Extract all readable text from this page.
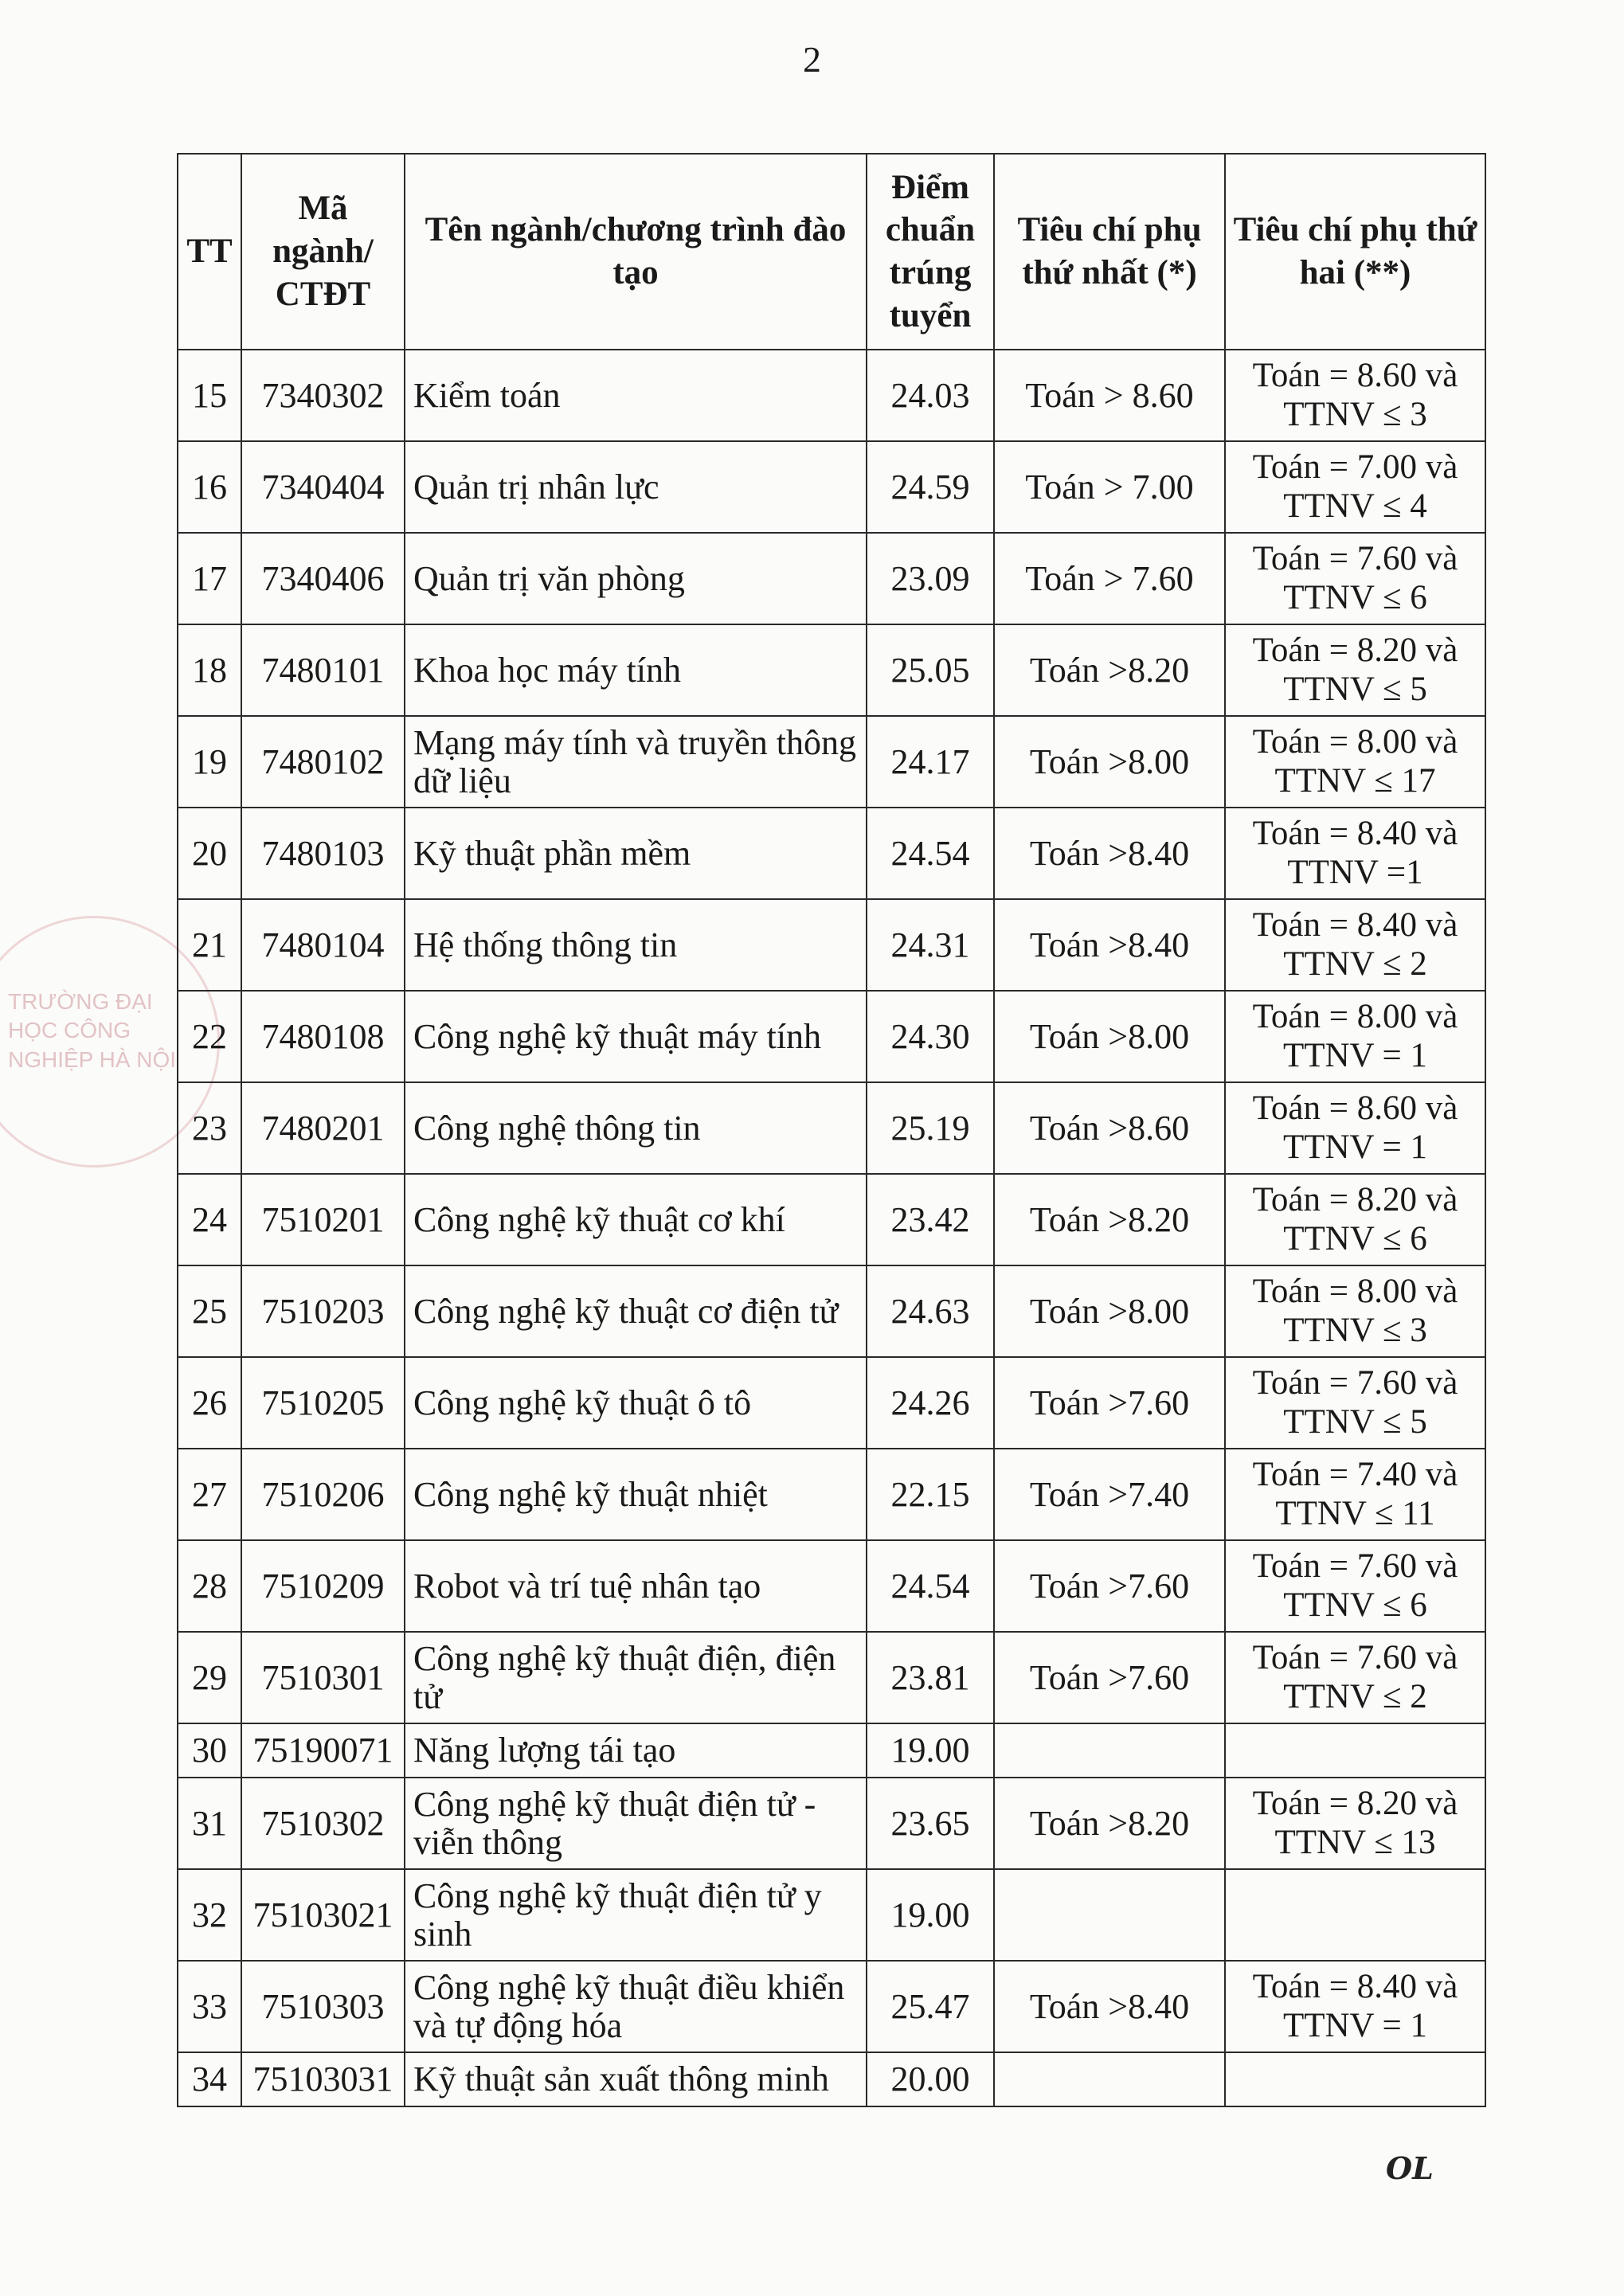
2
TRƯỜNG ĐẠI HỌC CÔNG NGHIỆP HÀ NỘI
TT	Mã ngành/ CTĐT	Tên ngành/chương trình đào tạo	Điểm chuẩn trúng tuyển	Tiêu chí phụ thứ nhất (*)	Tiêu chí phụ thứ hai (**)
15	7340302	Kiểm toán	24.03	Toán > 8.60	Toán = 8.60 và
TTNV ≤ 3

16	7340404	Quản trị nhân lực	24.59	Toán > 7.00	Toán = 7.00 và
TTNV ≤ 4

17	7340406	Quản trị văn phòng	23.09	Toán > 7.60	Toán = 7.60 và
TTNV ≤ 6

18	7480101	Khoa học máy tính	25.05	Toán >8.20	Toán = 8.20 và
TTNV ≤ 5

19	7480102	Mạng máy tính và truyền thông dữ liệu	24.17	Toán >8.00	Toán = 8.00 và
TTNV ≤ 17

20	7480103	Kỹ thuật phần mềm	24.54	Toán >8.40	Toán = 8.40 và
TTNV =1

21	7480104	Hệ thống thông tin	24.31	Toán >8.40	Toán = 8.40 và
TTNV ≤ 2

22	7480108	Công nghệ kỹ thuật máy tính	24.30	Toán >8.00	Toán = 8.00 và
TTNV = 1

23	7480201	Công nghệ thông tin	25.19	Toán >8.60	Toán = 8.60 và
TTNV = 1

24	7510201	Công nghệ kỹ thuật cơ khí	23.42	Toán >8.20	Toán = 8.20 và
TTNV ≤ 6

25	7510203	Công nghệ kỹ thuật cơ điện tử	24.63	Toán >8.00	Toán = 8.00 và
TTNV ≤ 3

26	7510205	Công nghệ kỹ thuật ô tô	24.26	Toán >7.60	Toán = 7.60 và
TTNV ≤ 5

27	7510206	Công nghệ kỹ thuật nhiệt	22.15	Toán >7.40	Toán = 7.40 và
TTNV ≤ 11

28	7510209	Robot và trí tuệ nhân tạo	24.54	Toán >7.60	Toán = 7.60 và
TTNV ≤ 6

29	7510301	Công nghệ kỹ thuật điện, điện tử	23.81	Toán >7.60	Toán = 7.60 và
TTNV ≤ 2

30	75190071	Năng lượng tái tạo	19.00		

31	7510302	Công nghệ kỹ thuật điện tử - viễn thông	23.65	Toán >8.20	Toán = 8.20 và
TTNV ≤ 13

32	75103021	Công nghệ kỹ thuật điện tử y sinh	19.00		

33	7510303	Công nghệ kỹ thuật điều khiển và tự động hóa	25.47	Toán >8.40	Toán = 8.40 và
TTNV = 1

34	75103031	Kỹ thuật sản xuất thông minh	20.00		
OL
